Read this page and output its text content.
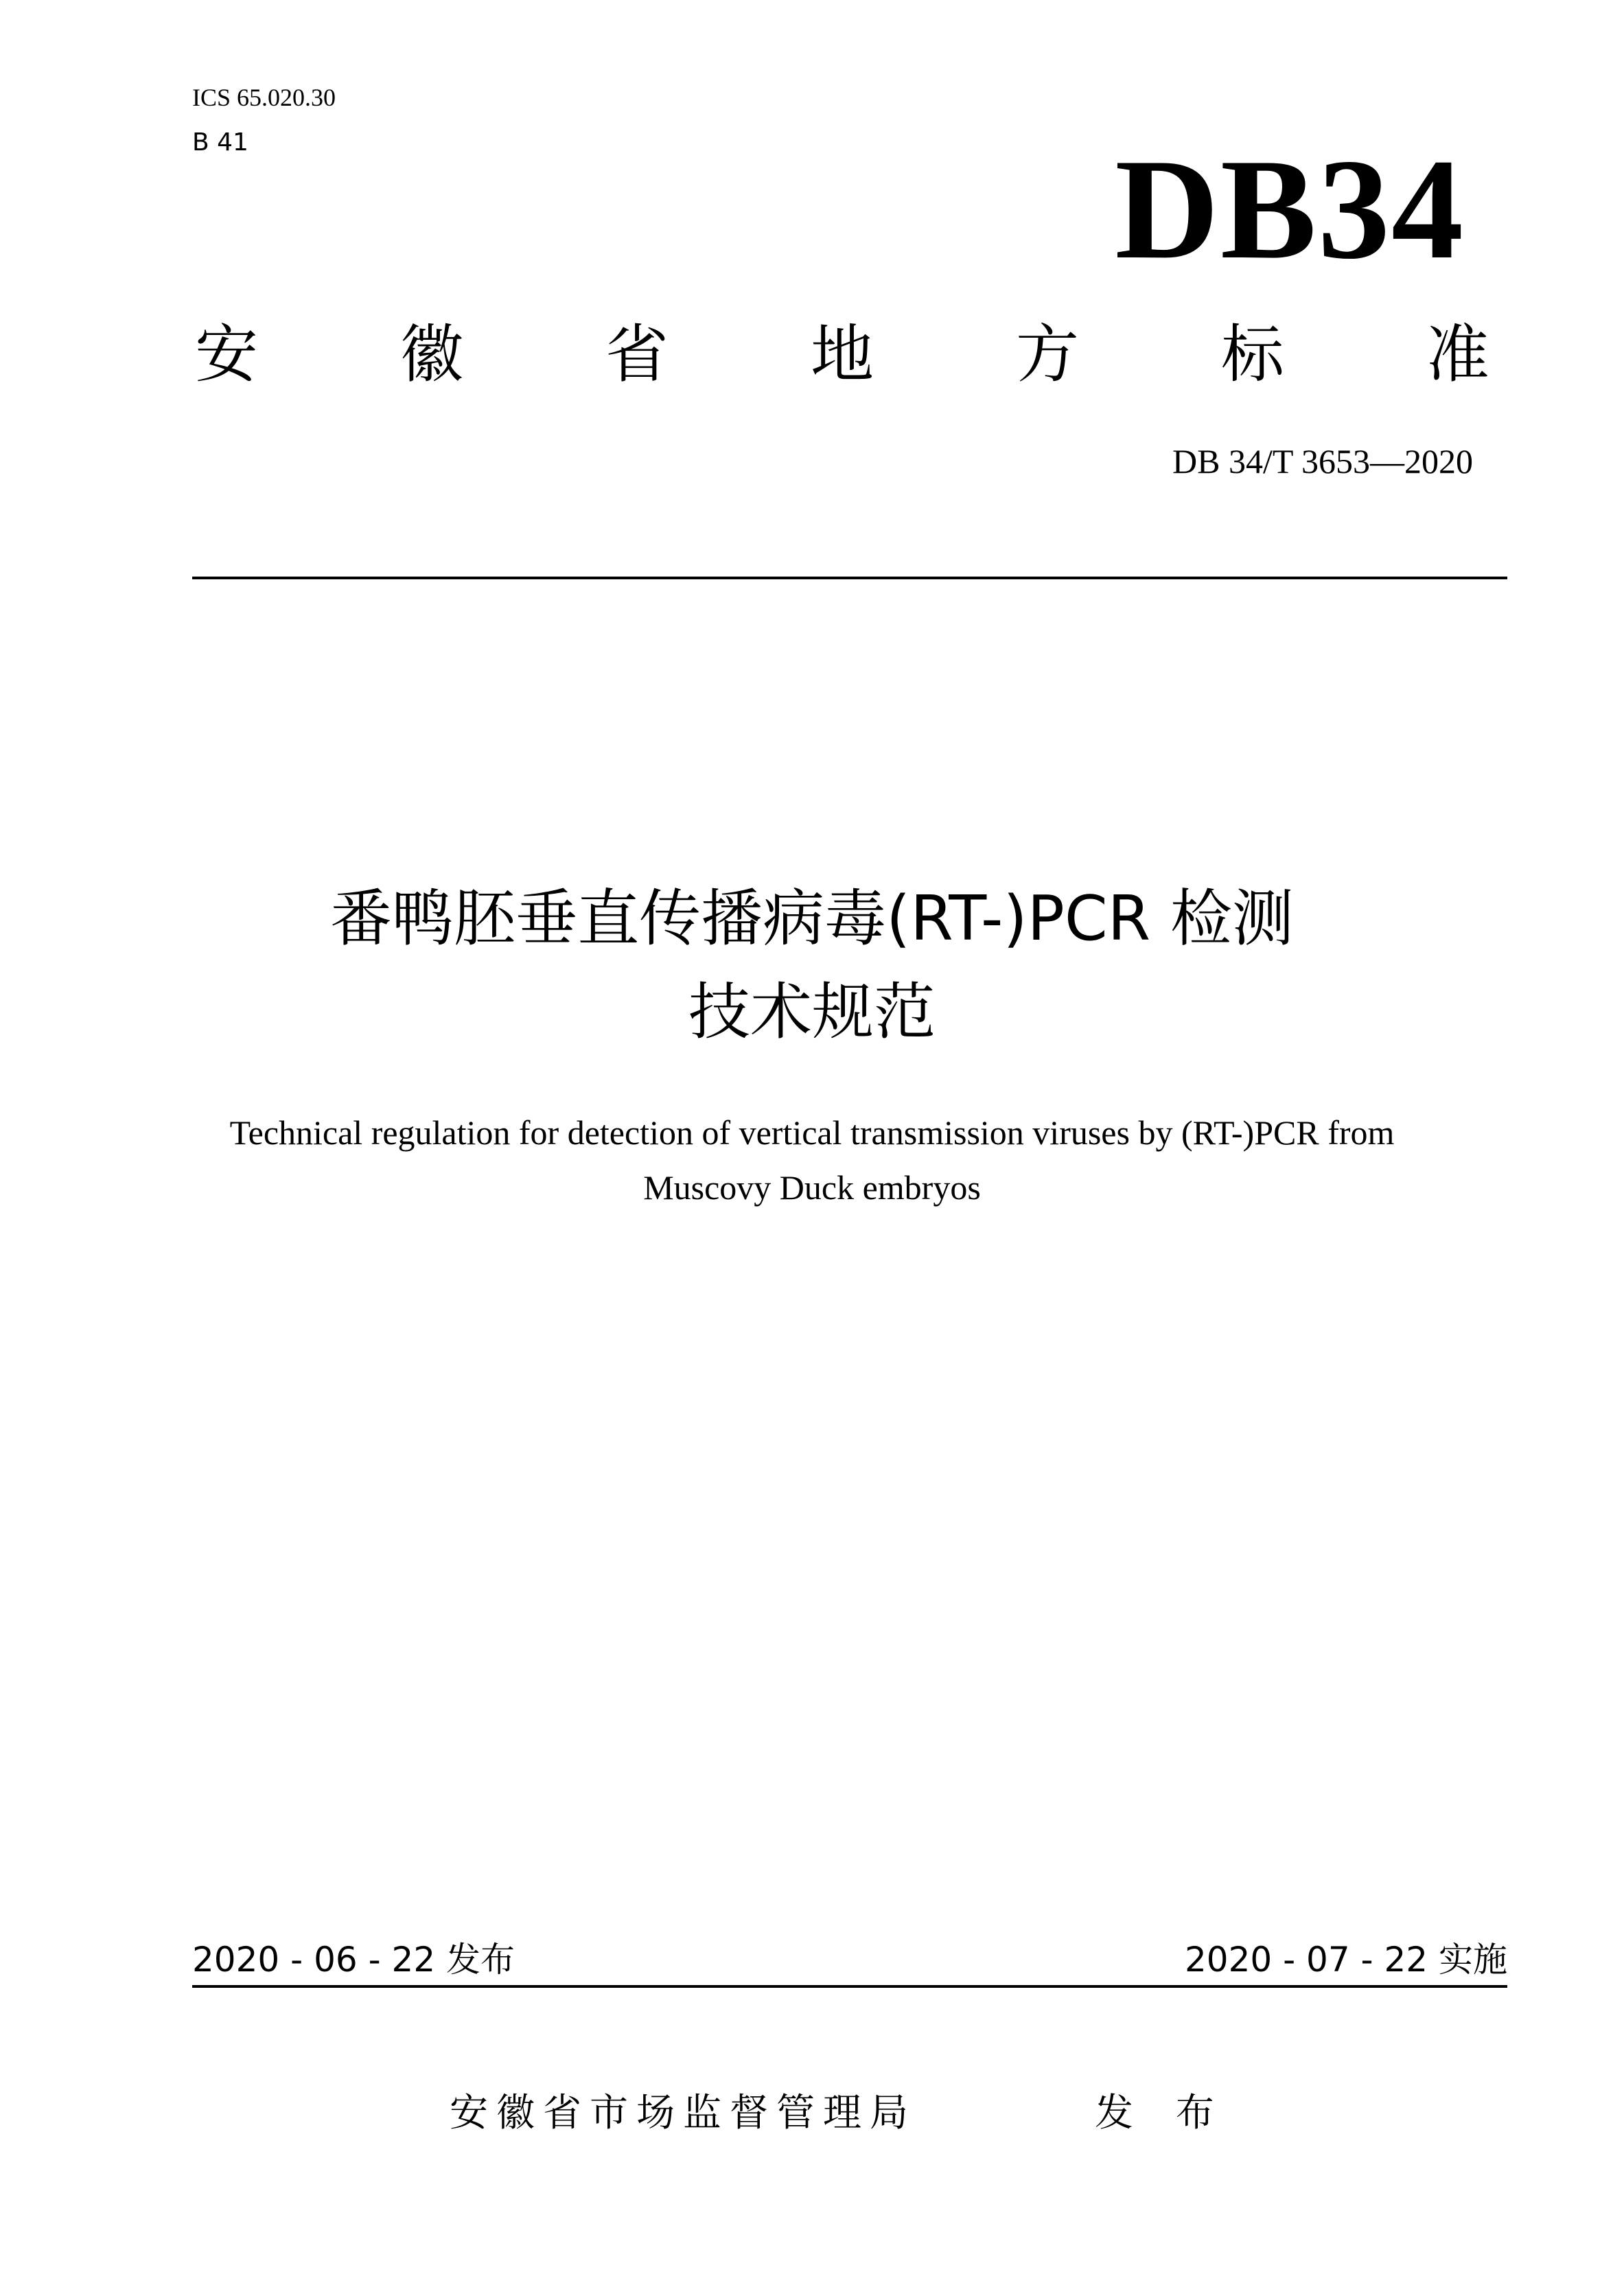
ICS 65.020.30
B 41	DB34
安 徽 省 地 方 标 准
DB 34/T 3653—2020
番鸭胚垂直传播病毒(RT-)PCR 检测
技术规范
Technical regulation for detection of vertical transmission viruses by (RT-)PCR from
Muscovy Duck embryos
2020 - 06 - 22 发布	2020 - 07 - 22 实施
安徽省市场监督管理局	发 布
